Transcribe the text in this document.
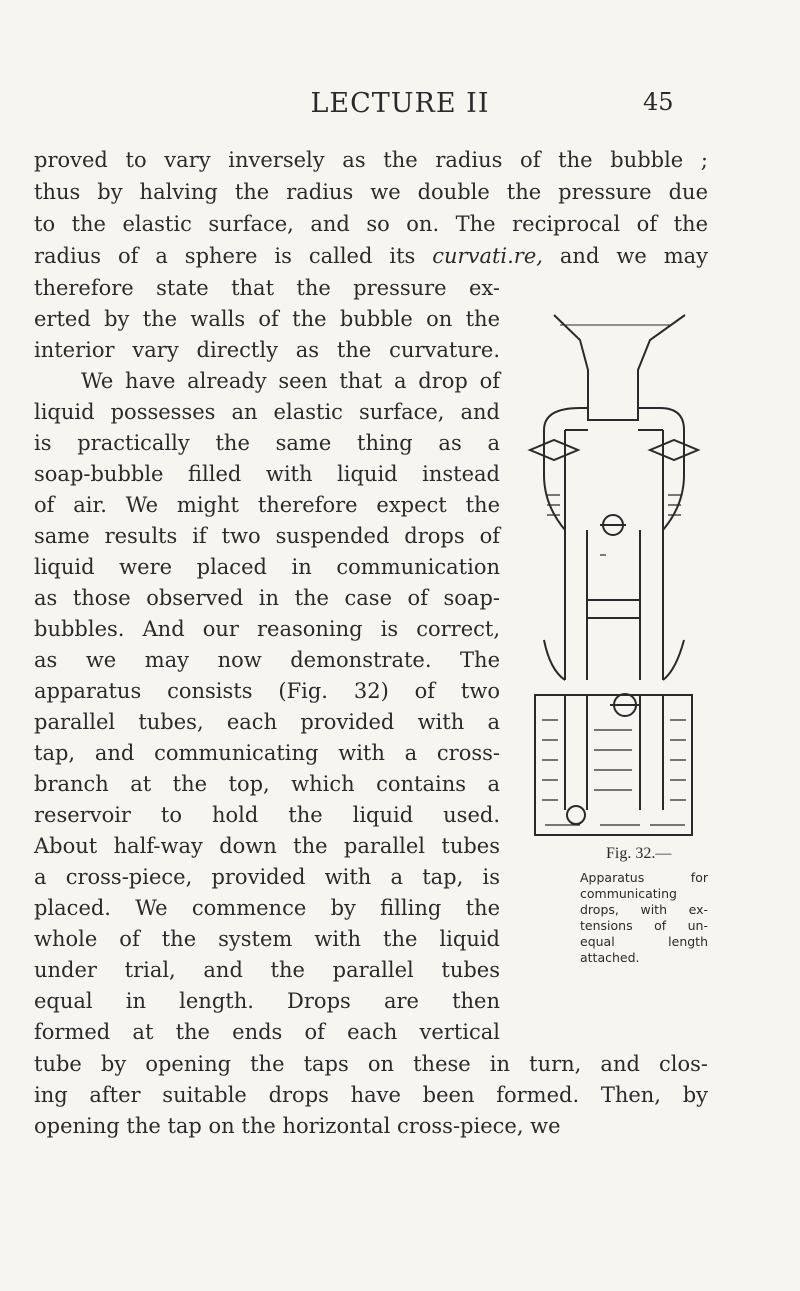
LECTURE II	45
proved to vary inversely as the radius of the bubble ;
thus by halving the radius we double the pressure due
to the elastic surface, and so on. The reciprocal of the
radius of a sphere is called its curvati.re, and we may
therefore state that the pressure ex-
erted by the walls of the bubble on the
interior vary directly as the curvature.
We have already seen that a drop of
liquid possesses an elastic surface, and
is practically the same thing as a
soap-bubble filled with liquid instead
of air. We might therefore expect the
same results if two suspended drops of
liquid were placed in communication
as those observed in the case of soap-
bubbles. And our reasoning is correct,
as we may now demonstrate. The
apparatus consists (Fig. 32) of two
parallel tubes, each provided with a
tap, and communicating with a cross-
branch at the top, which contains a
reservoir to hold the liquid used.
About half-way down the parallel tubes
a cross-piece, provided with a tap, is
placed. We commence by filling the
whole of the system with the liquid
under trial, and the parallel tubes
equal in length. Drops are then
formed at the ends of each vertical
tube by opening the taps on these in turn, and clos-
ing after suitable drops have been formed. Then, by
opening the tap on the horizontal cross-piece, we
Fig. 32.—
Apparatus for
communicating
drops, with ex-
tensions of un-
equal length
attached.
